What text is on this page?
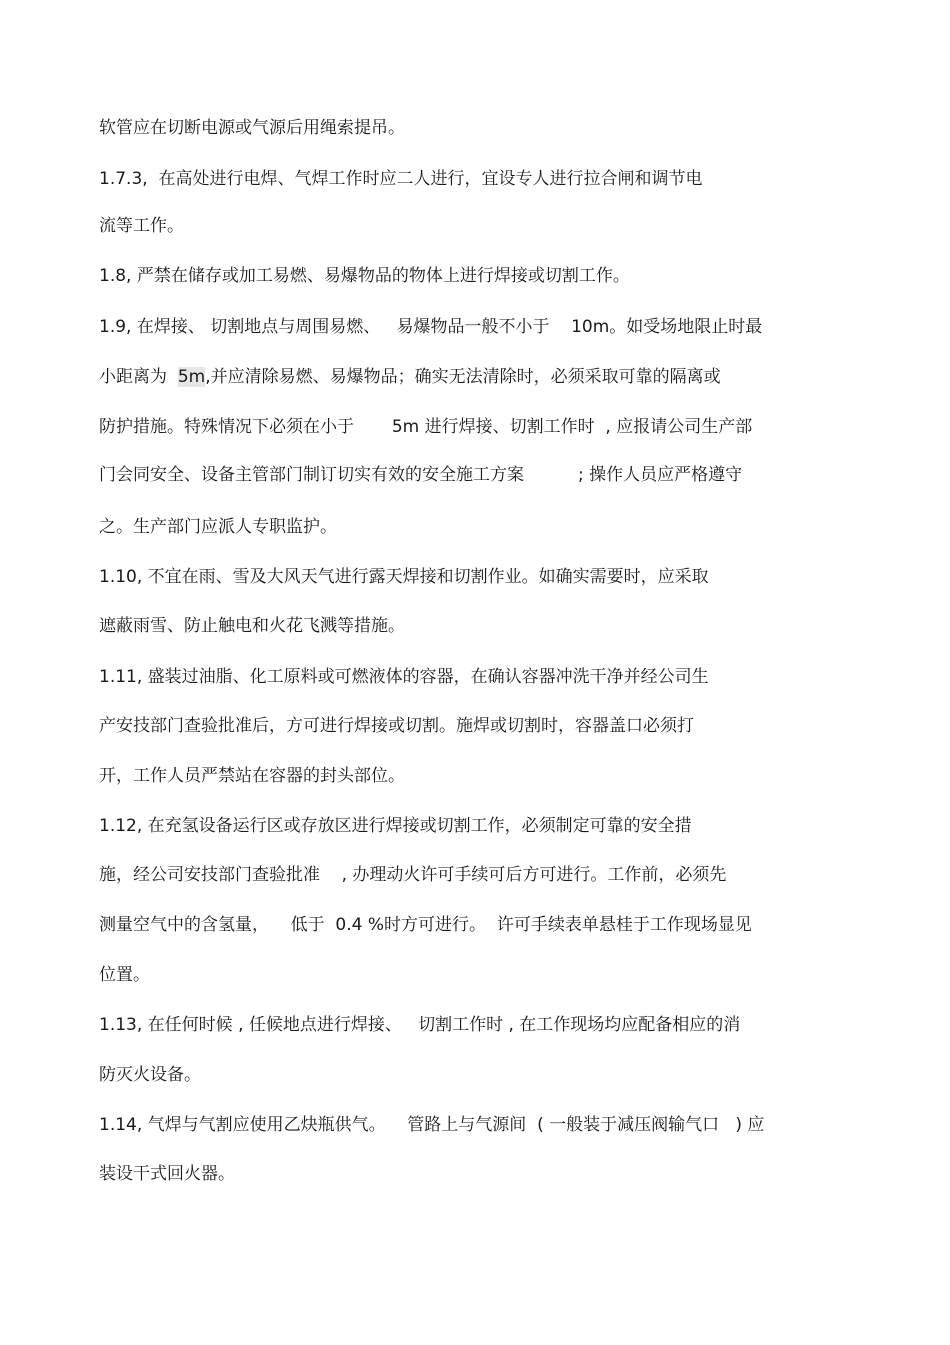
软管应在切断电源或气源后用绳索提吊。
1.7.3,  在高处进行电焊、气焊工作时应二人进行，宜设专人进行拉合闸和调节电
流等工作。
1.8, 严禁在储存或加工易燃、易爆物品的物体上进行焊接或切割工作。
1.9, 在焊接、 切割地点与周围易燃、   易爆物品一般不小于    10m。如受场地限止时最
小距离为  5m,并应清除易燃、易爆物品；确实无法清除时，必须采取可靠的隔离或
防护措施。特殊情况下必须在小于       5m 进行焊接、切割工作时  , 应报请公司生产部
门会同安全、设备主管部门制订切实有效的安全施工方案          ; 操作人员应严格遵守
之。生产部门应派人专职监护。
1.10, 不宜在雨、雪及大风天气进行露天焊接和切割作业。如确实需要时，应采取
遮蔽雨雪、防止触电和火花飞溅等措施。
1.11, 盛装过油脂、化工原料或可燃液体的容器，在确认容器冲洗干净并经公司生
产安技部门查验批准后，方可进行焊接或切割。施焊或切割时，容器盖口必须打
开，工作人员严禁站在容器的封头部位。
1.12, 在充氢设备运行区或存放区进行焊接或切割工作，必须制定可靠的安全措
施，经公司安技部门查验批准    , 办理动火许可手续可后方可进行。工作前，必须先
测量空气中的含氢量，    低于  0.4 %时方可进行。  许可手续表单悬桂于工作现场显见
位置。
1.13, 在任何时候 , 任候地点进行焊接、   切割工作时 , 在工作现场均应配备相应的消
防灭火设备。
1.14, 气焊与气割应使用乙炔瓶供气。    管路上与气源间  ( 一般装于减压阀输气口   ) 应
装设干式回火器。
